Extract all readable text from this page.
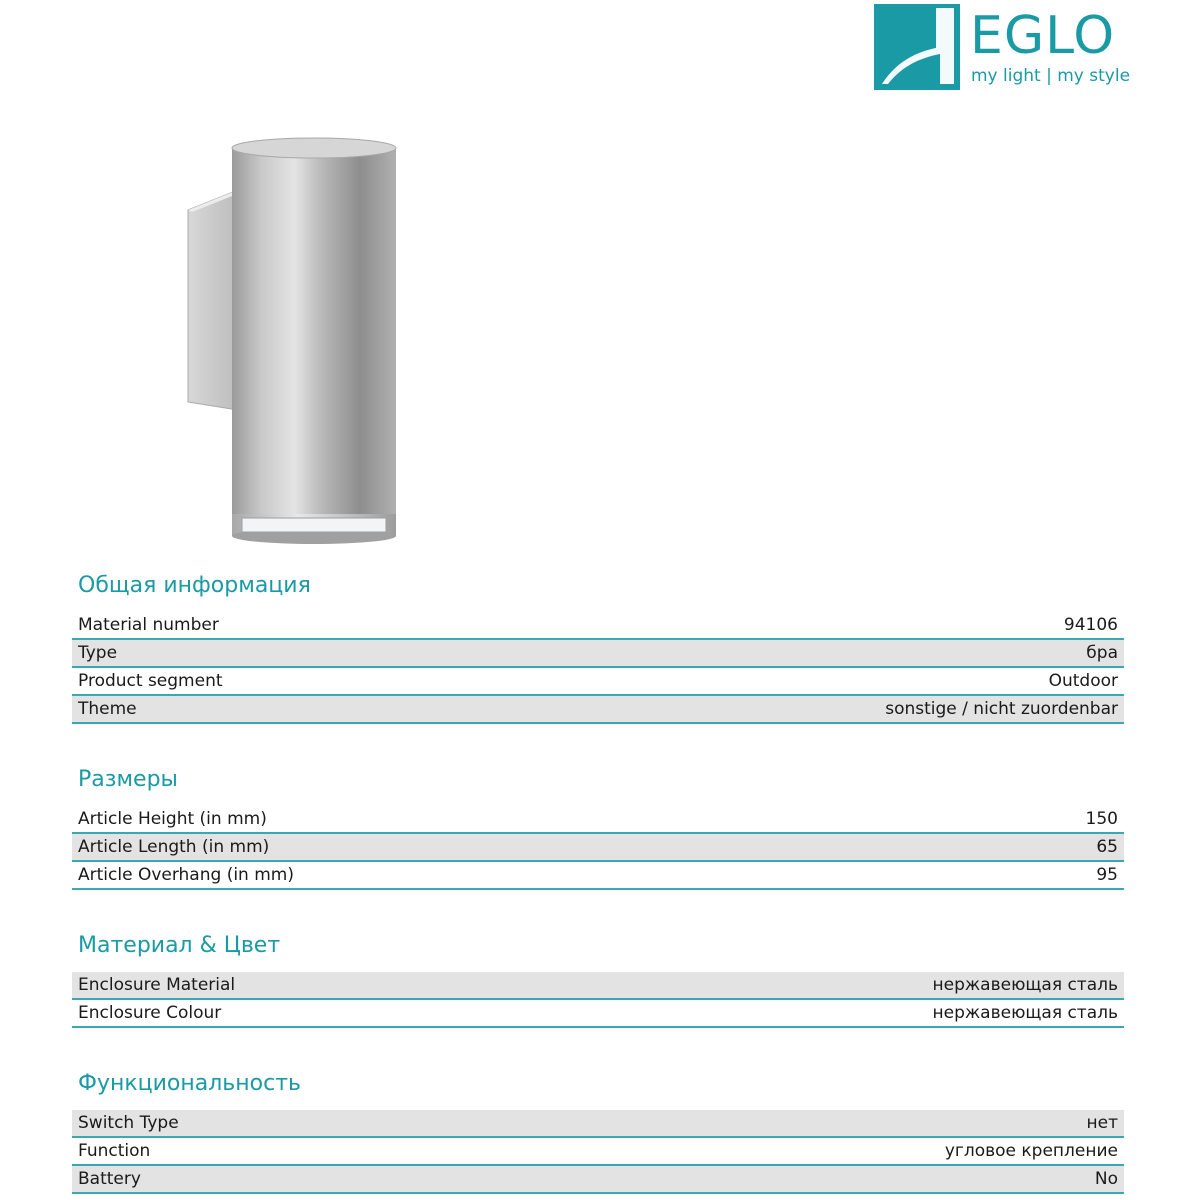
EGLO
my light | my style
Общая информация
Material number	94106
Type	бра
Product segment	Outdoor
Theme	sonstige / nicht zuordenbar
Размеры
Article Height (in mm)	150
Article Length (in mm)	65
Article Overhang (in mm)	95
Материал & Цвет
Enclosure Material	нержавеющая сталь
Enclosure Colour	нержавеющая сталь
Функциональность
Switch Type	нет
Function	угловое крепление
Battery	No
